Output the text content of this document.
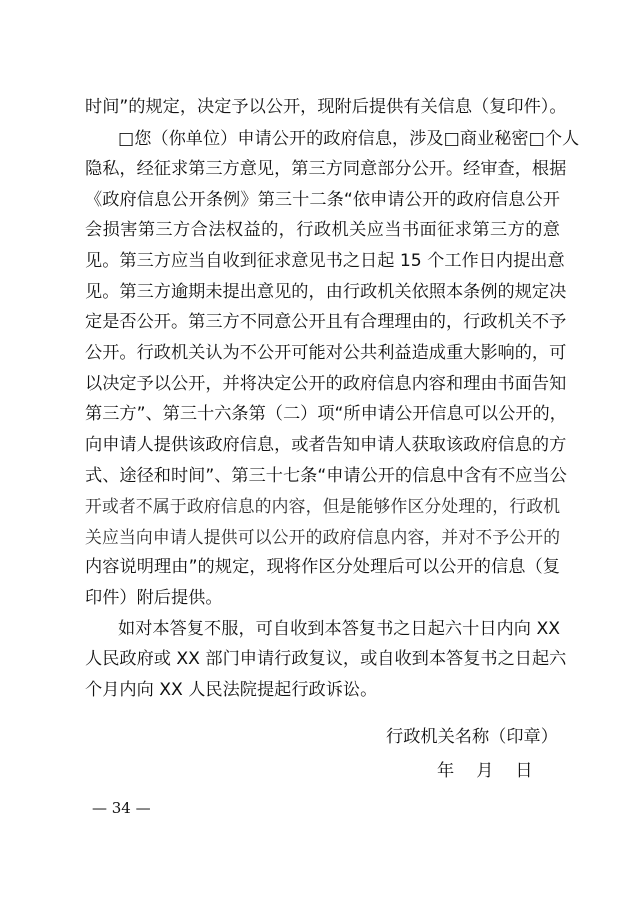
时间”的规定，决定予以公开，现附后提供有关信息（复印件）。
□您（你单位）申请公开的政府信息，涉及□商业秘密□个人
隐私，经征求第三方意见，第三方同意部分公开。经审查，根据
《政府信息公开条例》第三十二条“依申请公开的政府信息公开
会损害第三方合法权益的，行政机关应当书面征求第三方的意
见。第三方应当自收到征求意见书之日起 15 个工作日内提出意
见。第三方逾期未提出意见的，由行政机关依照本条例的规定决
定是否公开。第三方不同意公开且有合理理由的，行政机关不予
公开。行政机关认为不公开可能对公共利益造成重大影响的，可
以决定予以公开，并将决定公开的政府信息内容和理由书面告知
第三方”、第三十六条第（二）项“所申请公开信息可以公开的，
向申请人提供该政府信息，或者告知申请人获取该政府信息的方
式、途径和时间”、第三十七条“申请公开的信息中含有不应当公
开或者不属于政府信息的内容，但是能够作区分处理的，行政机
关应当向申请人提供可以公开的政府信息内容，并对不予公开的
内容说明理由”的规定，现将作区分处理后可以公开的信息（复
印件）附后提供。
如对本答复不服，可自收到本答复书之日起六十日内向 XX
人民政府或 XX 部门申请行政复议，或自收到本答复书之日起六
个月内向 XX 人民法院提起行政诉讼。
行政机关名称（印章）
年 月 日
— 34 —
